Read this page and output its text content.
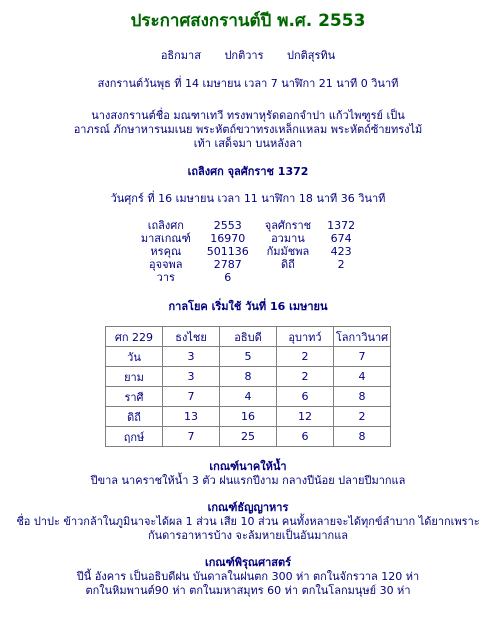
ประกาศสงกรานต์ปี พ.ศ. 2553

อธิกมาส ปกติวาร ปกติสุรทิน

สงกรานต์วันพุธ ที่ 14 เมษายน เวลา 7 นาฬิกา 21 นาที 0 วินาที

นางสงกรานต์ชื่อ มณฑาเทวี ทรงพาหุรัดดอกจำปา แก้วไพฑูรย์ เป็น

อาภรณ์ ภักษาหารนมเนย พระหัตถ์ขวาทรงเหล็กแหลม พระหัตถ์ซ้ายทรงไม้

เท้า เสด็จมา บนหลังลา

เถลิงศก จุลศักราช 1372

วันศุกร์ ที่ 16 เมษายน เวลา 11 นาฬิกา 18 นาที 36 วินาที

เถลิงศก	2553	จุลศักราช	1372
มาสเกณฑ์	16970	อวมาน	674
หรคุณ	501136	กัมมัชพล	423
อุจจพล	2787	ดิถี	2
วาร	6		

กาลโยค เริ่มใช้ วันที่ 16 เมษายน

ศก 229	ธงไชย	อธิบดี	อุบาทว์	โลกาวินาศ
วัน	3	5	2	7
ยาม	3	8	2	4
ราศี	7	4	6	8
ดิถี	13	16	12	2
ฤกษ์	7	25	6	8

เกณฑ์นาคให้น้ำ

ปีขาล นาคราชให้น้ำ 3 ตัว ฝนแรกปีงาม กลางปีน้อย ปลายปีมากแล

เกณฑ์ธัญญาหาร

ชื่อ ปาปะ ข้าวกล้าในภูมินาจะได้ผล 1 ส่วน เสีย 10 ส่วน คนทั้งหลายจะได้ทุกข์ลำบาก ได้ยากเพราะ

กันดารอาหารบ้าง จะล้มหายเป็นอันมากแล

เกณฑ์พิรุณศาสตร์

ปีนี้ อังคาร เป็นอธิบดีฝน บันดาลในฝนตก 300 ห่า ตกในจักรวาล 120 ห่า

ตกในหิมพานต์90 ห่า ตกในมหาสมุทร 60 ห่า ตกในโลกมนุษย์ 30 ห่า
